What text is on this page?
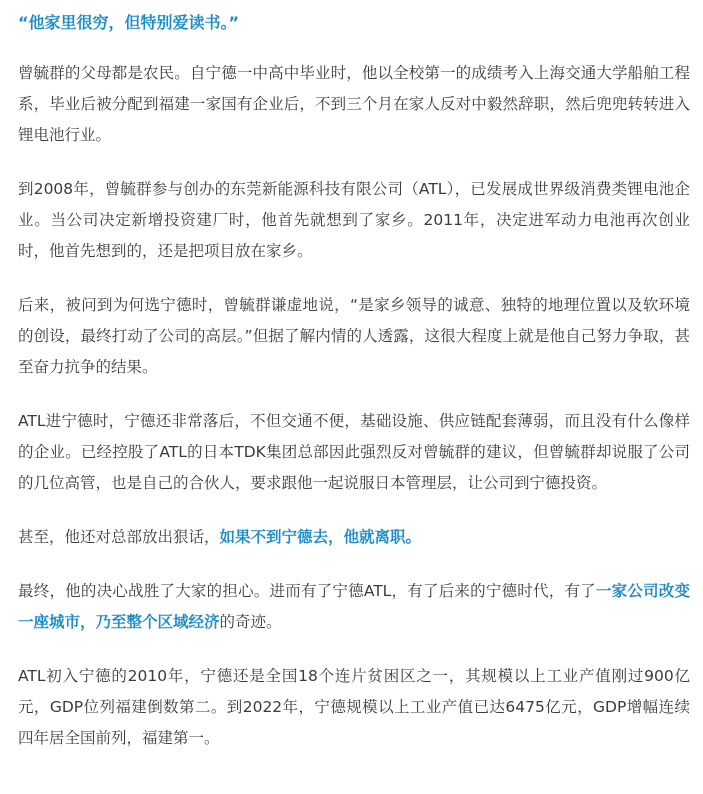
“他家里很穷，但特别爱读书。”

曾毓群的父母都是农民。自宁德一中高中毕业时，他以全校第一的成绩考入上海交通大学船舶工程系，毕业后被分配到福建一家国有企业后，不到三个月在家人反对中毅然辞职，然后兜兜转转进入锂电池行业。

到2008年，曾毓群参与创办的东莞新能源科技有限公司（ATL），已发展成世界级消费类锂电池企业。当公司决定新增投资建厂时，他首先就想到了家乡。2011年，决定进军动力电池再次创业时，他首先想到的，还是把项目放在家乡。

后来，被问到为何选宁德时，曾毓群谦虚地说，“是家乡领导的诚意、独特的地理位置以及软环境的创设，最终打动了公司的高层。”但据了解内情的人透露，这很大程度上就是他自己努力争取，甚至奋力抗争的结果。

ATL进宁德时，宁德还非常落后，不但交通不便，基础设施、供应链配套薄弱，而且没有什么像样的企业。已经控股了ATL的日本TDK集团总部因此强烈反对曾毓群的建议，但曾毓群却说服了公司的几位高管，也是自己的合伙人，要求跟他一起说服日本管理层，让公司到宁德投资。

甚至，他还对总部放出狠话，如果不到宁德去，他就离职。

最终，他的决心战胜了大家的担心。进而有了宁德ATL，有了后来的宁德时代，有了一家公司改变一座城市，乃至整个区域经济的奇迹。

ATL初入宁德的2010年，宁德还是全国18个连片贫困区之一，其规模以上工业产值刚过900亿元，GDP位列福建倒数第二。到2022年，宁德规模以上工业产值已达6475亿元，GDP增幅连续四年居全国前列，福建第一。
